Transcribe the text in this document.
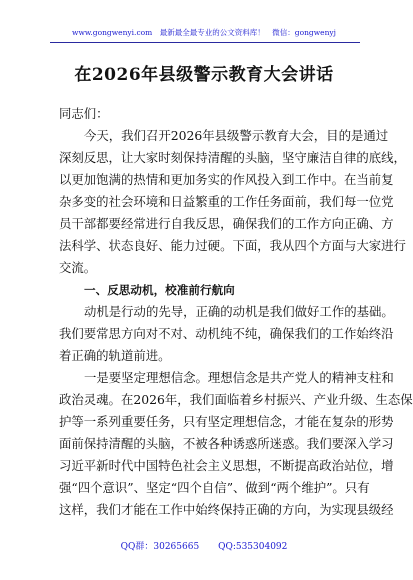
www.gongwenyi.com　最新最全最专业的公文资料库！　微信：gongwenyj
在2026年县级警示教育大会讲话
同志们：
今天，我们召开2026年县级警示教育大会，目的是通过
深刻反思，让大家时刻保持清醒的头脑，坚守廉洁自律的底线，
以更加饱满的热情和更加务实的作风投入到工作中。在当前复
杂多变的社会环境和日益繁重的工作任务面前，我们每一位党
员干部都要经常进行自我反思，确保我们的工作方向正确、方
法科学、状态良好、能力过硬。下面，我从四个方面与大家进行
交流。
一、反思动机，校准前行航向
动机是行动的先导，正确的动机是我们做好工作的基础。
我们要常思方向对不对、动机纯不纯，确保我们的工作始终沿
着正确的轨道前进。
一是要坚定理想信念。理想信念是共产党人的精神支柱和
政治灵魂。在2026年，我们面临着乡村振兴、产业升级、生态保
护等一系列重要任务，只有坚定理想信念，才能在复杂的形势
面前保持清醒的头脑，不被各种诱惑所迷惑。我们要深入学习
习近平新时代中国特色社会主义思想，不断提高政治站位，增
强“四个意识”、坚定“四个自信”、做到“两个维护”。只有
这样，我们才能在工作中始终保持正确的方向，为实现县级经
QQ群：30265665 QQ:535304092
